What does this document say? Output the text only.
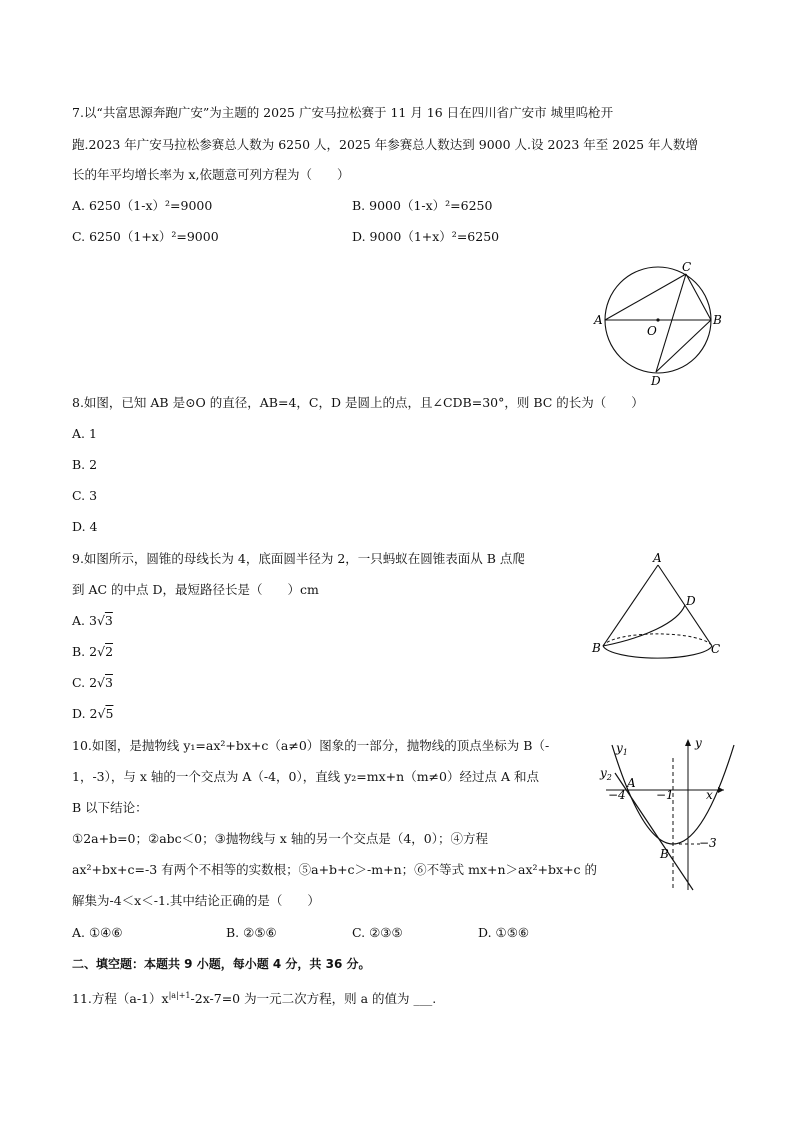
7.以“共富思源奔跑广安”为主题的 2025 广安马拉松赛于 11 月 16 日在四川省广安市 城里呜枪开
跑.2023 年广安马拉松参赛总人数为 6250 人，2025 年参赛总人数达到 9000 人.设 2023 年至 2025 年人数增
长的年平均增长率为 x,依题意可列方程为（　　）
A. 6250（1-x）²=9000	B. 9000（1-x）²=6250
C. 6250（1+x）²=9000	D. 9000（1+x）²=6250
A	B
C
D
O
8.如图，已知 AB 是⊙O 的直径，AB=4，C，D 是圆上的点，且∠CDB=30°，则 BC 的长为（　　）
A. 1
B. 2
C. 3
D. 4
A
B	C
D
9.如图所示，圆锥的母线长为 4，底面圆半径为 2，一只蚂蚁在圆锥表面从 B 点爬
到 AC 的中点 D，最短路径长是（　　）cm
A. 3√3
B. 2√2
C. 2√3
D. 2√5
$y_1$
y
$y_2$ A
−4	−1	x
B
−3
10.如图，是抛物线 y₁=ax²+bx+c（a≠0）图象的一部分，抛物线的顶点坐标为 B（-
1，-3），与 x 轴的一个交点为 A（-4，0），直线 y₂=mx+n（m≠0）经过点 A 和点
B 以下结论：
①2a+b=0；②abc＜0；③抛物线与 x 轴的另一个交点是（4，0）；④方程
ax²+bx+c=-3 有两个不相等的实数根；⑤a+b+c＞-m+n；⑥不等式 mx+n＞ax²+bx+c 的
解集为-4＜x＜-1.其中结论正确的是（　　）
A. ①④⑥	B. ②⑤⑥	C. ②③⑤	D. ①⑤⑥
二、填空题：本题共 9 小题，每小题 4 分，共 36 分。
11.方程$(a-1)x^{|a|+1}-2x-7=0$ 为一元二次方程，则 a 的值为 ___.
